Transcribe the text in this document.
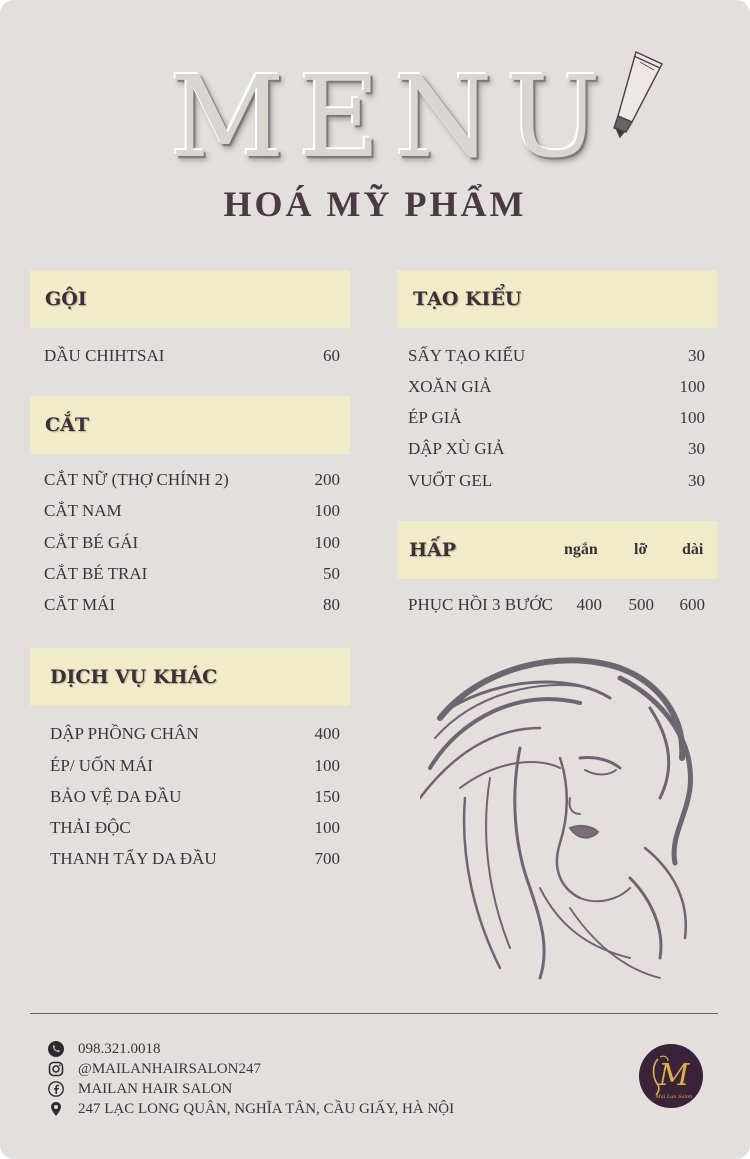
MENU
HOÁ MỸ PHẨM
GỘI
DẦU CHIHTSAI	60
CẮT
CẮT NỮ (THỢ CHÍNH 2)	200
CẮT NAM	100
CẮT BÉ GÁI	100
CẮT BÉ TRAI	50
CẮT MÁI	80
DỊCH VỤ KHÁC
DẬP PHỒNG CHÂN	400
ÉP/ UỐN MÁI	100
BẢO VỆ DA ĐẦU	150
THẢI ĐỘC	100
THANH TẨY DA ĐẦU	700
TẠO KIỂU
SẤY TẠO KIỂU	30
XOĂN GIẢ	100
ÉP GIẢ	100
DẬP XÙ GIẢ	30
VUỐT GEL	30
HẤP	ngắn lỡ dài
PHỤC HỒI 3 BƯỚC	400	500	600
098.321.0018
@MAILANHAIRSALON247
MAILAN HAIR SALON
247 LẠC LONG QUÂN, NGHĨA TÂN, CẦU GIẤY, HÀ NỘI
M
Mai Lan Salon
